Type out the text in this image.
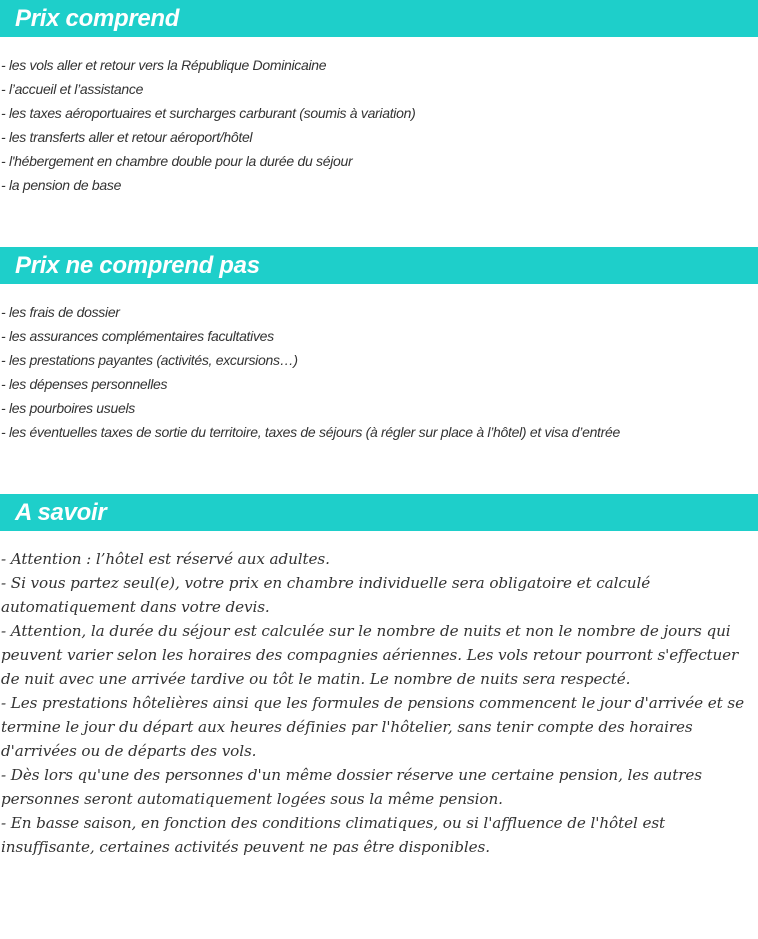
Prix comprend
- les vols aller et retour vers la République Dominicaine
- l’accueil et l’assistance
- les taxes aéroportuaires et surcharges carburant (soumis à variation)
- les transferts aller et retour aéroport/hôtel
- l'hébergement en chambre double pour la durée du séjour
- la pension de base
Prix ne comprend pas
- les frais de dossier
- les assurances complémentaires facultatives
- les prestations payantes (activités, excursions…)
- les dépenses personnelles
- les pourboires usuels
- les éventuelles taxes de sortie du territoire, taxes de séjours (à régler sur place à l’hôtel) et visa d’entrée
A savoir
- Attention : l’hôtel est réservé aux adultes.
- Si vous partez seul(e), votre prix en chambre individuelle sera obligatoire et calculé automatiquement dans votre devis.
- Attention, la durée du séjour est calculée sur le nombre de nuits et non le nombre de jours qui peuvent varier selon les horaires des compagnies aériennes. Les vols retour pourront s'effectuer de nuit avec une arrivée tardive ou tôt le matin. Le nombre de nuits sera respecté.
- Les prestations hôtelières ainsi que les formules de pensions commencent le jour d'arrivée et se termine le jour du départ aux heures définies par l'hôtelier, sans tenir compte des horaires d'arrivées ou de départs des vols.
- Dès lors qu'une des personnes d'un même dossier réserve une certaine pension, les autres personnes seront automatiquement logées sous la même pension.
- En basse saison, en fonction des conditions climatiques, ou si l'affluence de l'hôtel est insuffisante, certaines activités peuvent ne pas être disponibles.
